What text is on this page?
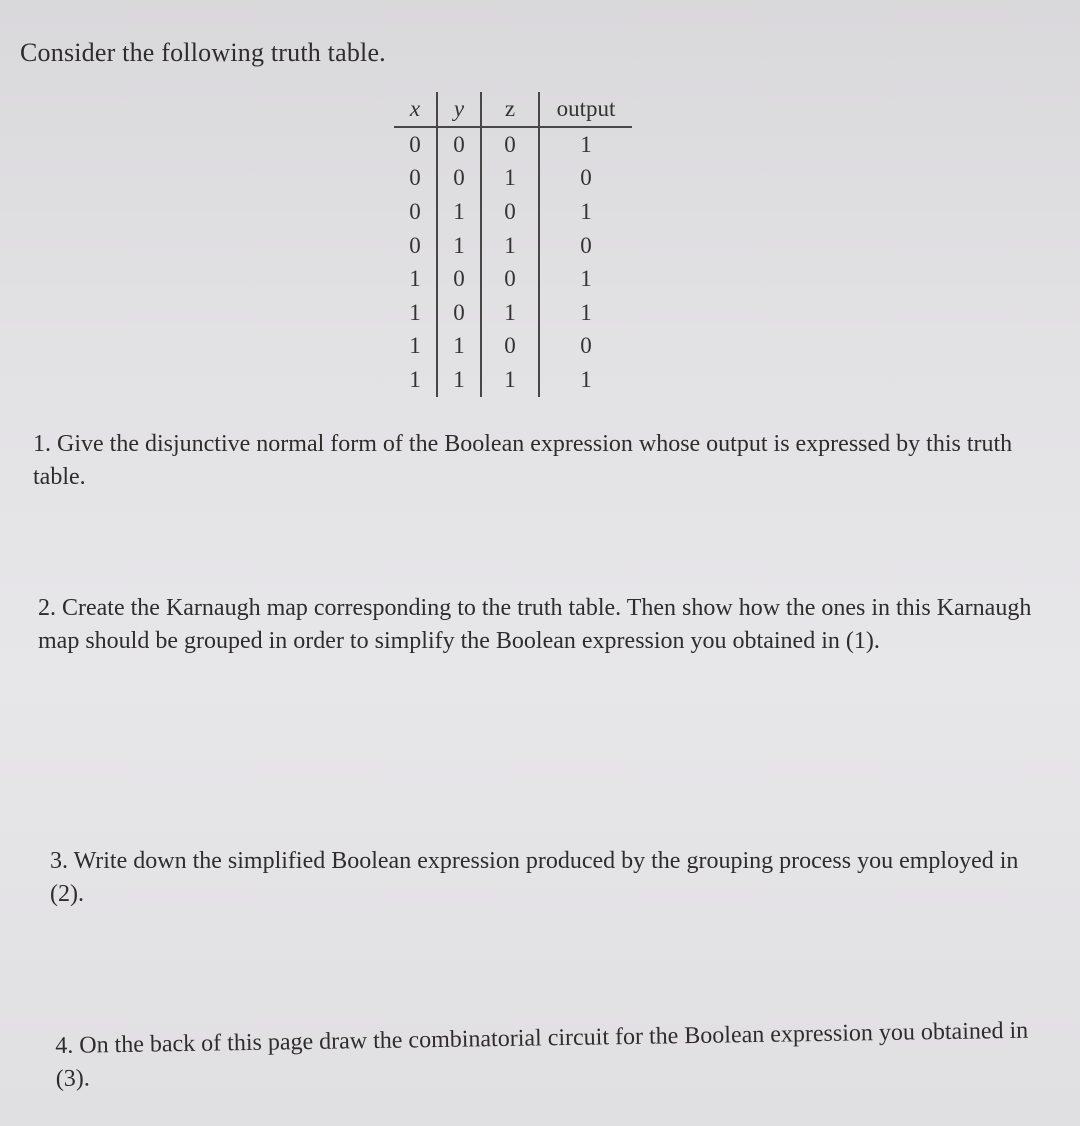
Consider the following truth table.
x	y	z	output
0	0	0	1
0	0	1	0
0	1	0	1
0	1	1	0
1	0	0	1
1	0	1	1
1	1	0	0
1	1	1	1

1. Give the disjunctive normal form of the Boolean expression whose output is expressed by this truth table.

2. Create the Karnaugh map corresponding to the truth table. Then show how the ones in this Karnaugh map should be grouped in order to simplify the Boolean expression you obtained in (1).

3. Write down the simplified Boolean expression produced by the grouping process you employed in (2).

4. On the back of this page draw the combinatorial circuit for the Boolean expression you obtained in (3).
